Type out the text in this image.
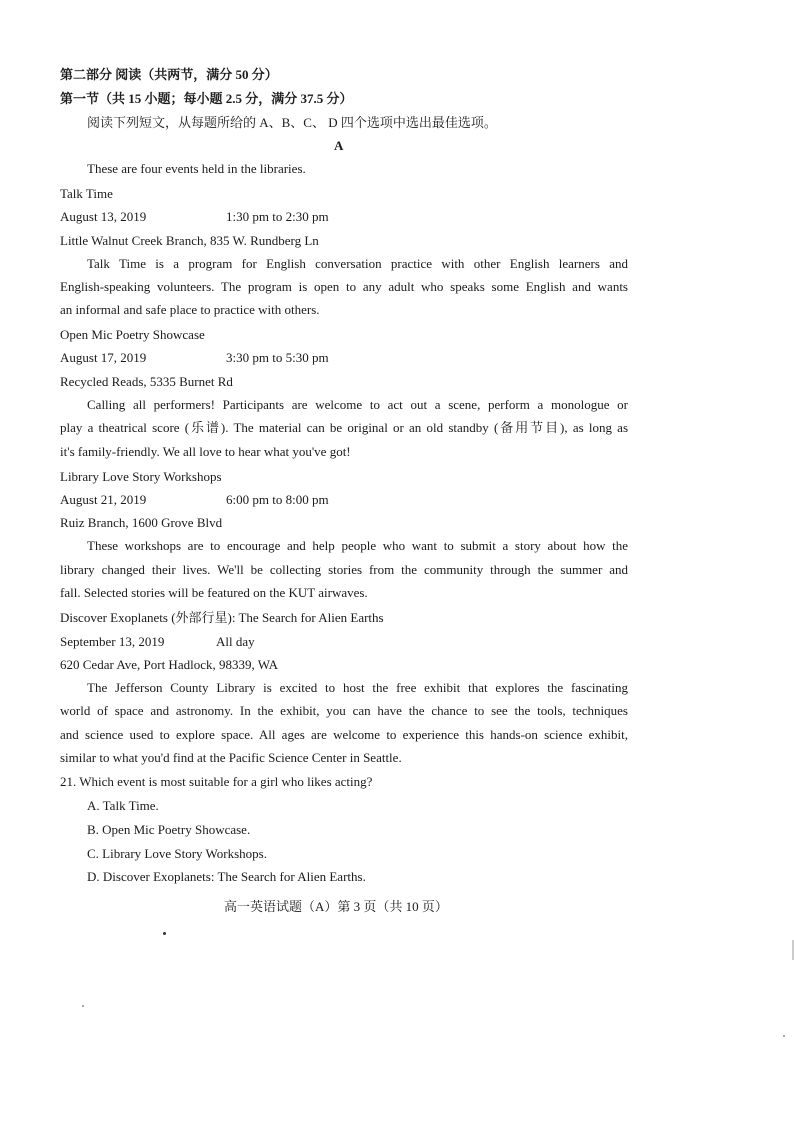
第二部分 阅读（共两节，满分 50 分）
第一节（共 15 小题；每小题 2.5 分，满分 37.5 分）
阅读下列短文，从每题所给的 A、B、C、 D 四个选项中选出最佳选项。
A
These are four events held in the libraries.
Talk Time
August 13, 2019	1:30 pm to 2:30 pm
Little Walnut Creek Branch, 835 W. Rundberg Ln
Talk Time is a program for English conversation practice with other English learners and
English-speaking volunteers. The program is open to any adult who speaks some English and wants
an informal and safe place to practice with others.
Open Mic Poetry Showcase
August 17, 2019	3:30 pm to 5:30 pm
Recycled Reads, 5335 Burnet Rd
Calling all performers! Participants are welcome to act out a scene, perform a monologue or
play a theatrical score (乐谱). The material can be original or an old standby (备用节目), as long as
it's family-friendly. We all love to hear what you've got!
Library Love Story Workshops
August 21, 2019	6:00 pm to 8:00 pm
Ruiz Branch, 1600 Grove Blvd
These workshops are to encourage and help people who want to submit a story about how the
library changed their lives. We'll be collecting stories from the community through the summer and
fall. Selected stories will be featured on the KUT airwaves.
Discover Exoplanets (外部行星): The Search for Alien Earths
September 13, 2019	All day
620 Cedar Ave, Port Hadlock, 98339, WA
The Jefferson County Library is excited to host the free exhibit that explores the fascinating
world of space and astronomy. In the exhibit, you can have the chance to see the tools, techniques
and science used to explore space. All ages are welcome to experience this hands-on science exhibit,
similar to what you'd find at the Pacific Science Center in Seattle.
21. Which event is most suitable for a girl who likes acting?
A. Talk Time.
B. Open Mic Poetry Showcase.
C. Library Love Story Workshops.
D. Discover Exoplanets: The Search for Alien Earths.
高一英语试题（A）第 3 页（共 10 页）
